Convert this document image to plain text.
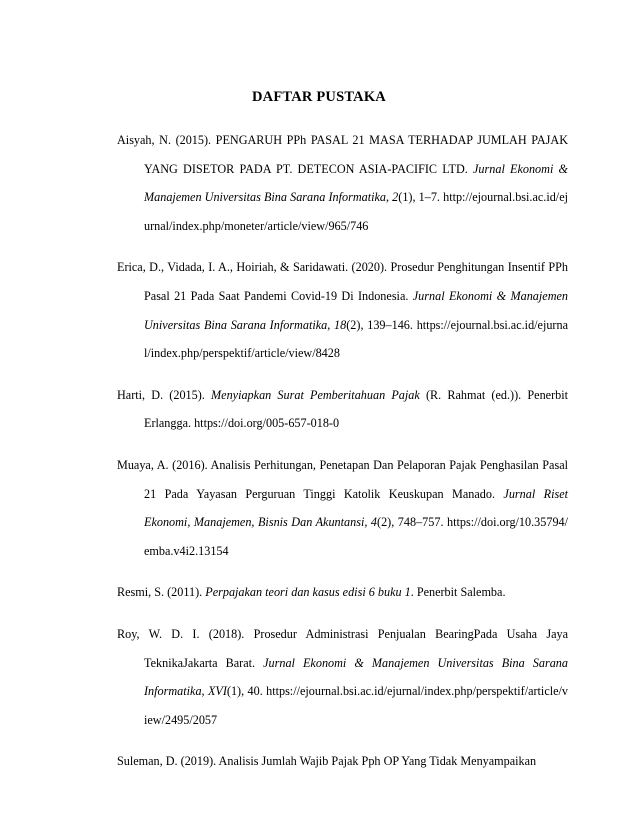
DAFTAR PUSTAKA

Aisyah, N. (2015). PENGARUH PPh PASAL 21 MASA TERHADAP JUMLAH PAJAK YANG DISETOR PADA PT. DETECON ASIA-PACIFIC LTD. Jurnal Ekonomi & Manajemen Universitas Bina Sarana Informatika, 2(1), 1–7. http://ejournal.bsi.ac.id/ejurnal/index.php/moneter/article/view/965/746

Erica, D., Vidada, I. A., Hoiriah, & Saridawati. (2020). Prosedur Penghitungan Insentif PPh Pasal 21 Pada Saat Pandemi Covid-19 Di Indonesia. Jurnal Ekonomi & Manajemen Universitas Bina Sarana Informatika, 18(2), 139–146. https://ejournal.bsi.ac.id/ejurnal/index.php/perspektif/article/view/8428

Harti, D. (2015). Menyiapkan Surat Pemberitahuan Pajak (R. Rahmat (ed.)). Penerbit Erlangga. https://doi.org/005-657-018-0

Muaya, A. (2016). Analisis Perhitungan, Penetapan Dan Pelaporan Pajak Penghasilan Pasal 21 Pada Yayasan Perguruan Tinggi Katolik Keuskupan Manado. Jurnal Riset Ekonomi, Manajemen, Bisnis Dan Akuntansi, 4(2), 748–757. https://doi.org/10.35794/emba.v4i2.13154

Resmi, S. (2011). Perpajakan teori dan kasus edisi 6 buku 1. Penerbit Salemba.

Roy, W. D. I. (2018). Prosedur Administrasi Penjualan BearingPada Usaha Jaya TeknikaJakarta Barat. Jurnal Ekonomi & Manajemen Universitas Bina Sarana Informatika, XVI(1), 40. https://ejournal.bsi.ac.id/ejurnal/index.php/perspektif/article/view/2495/2057

Suleman, D. (2019). Analisis Jumlah Wajib Pajak Pph OP Yang Tidak Menyampaikan
